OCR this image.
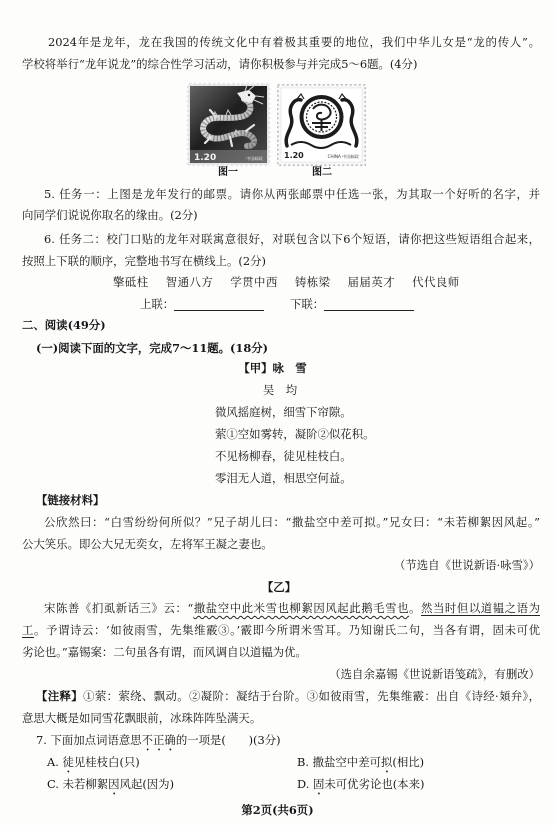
2024年是龙年，龙在我国的传统文化中有着极其重要的地位，我们中华儿女是“龙的传人”。
学校将举行“龙年说龙”的综合性学习活动，请你积极参与并完成5～6题。(4分)
1.20	中国邮政	1.20	CHINA 中国邮政
图一	图二
5. 任务一：上图是龙年发行的邮票。请你从两张邮票中任选一张，为其取一个好听的名字，并
向同学们说说你取名的缘由。(2分)
6. 任务二：校门口贴的龙年对联寓意很好，对联包含以下6个短语，请你把这些短语组合起来，
按照上下联的顺序，完整地书写在横线上。(2分)
擎砥柱 智通八方 学贯中西 铸栋梁 届届英才 代代良师
上联：	下联：
二、阅读(49分)
(一)阅读下面的文字，完成7～11题。(18分)
【甲】咏　雪
吴　均
微风摇庭树，细雪下帘隙。
萦①空如雾转，凝阶②似花积。
不见杨柳春，徒见桂枝白。
零泪无人道，相思空何益。
【链接材料】
公欣然曰：“白雪纷纷何所似？”兄子胡儿曰：“撒盐空中差可拟。”兄女曰：“未若柳絮因风起。”
公大笑乐。即公大兄无奕女，左将军王凝之妻也。
（节选自《世说新语·咏雪》）
【乙】
宋陈善《扪虱新话三》云：“撒盐空中此米雪也柳絮因风起此鹅毛雪也。然当时但以道韫之语为
工。予谓诗云：‘如彼雨雪，先集维霰③。’霰即今所谓米雪耳。乃知谢氏二句，当各有谓，固未可优
劣论也。”嘉锡案：二句虽各有谓，而风调自以道韫为优。
（选自余嘉锡《世说新语笺疏》，有删改）
【注释】①萦：萦绕、飘动。②凝阶：凝结于台阶。③如彼雨雪，先集维霰：出自《诗经·頍弁》，
意思大概是如同雪花飘眼前，冰珠阵阵坠满天。
7. 下面加点词语意思不正确的一项是(　　)(3分)
A. 徒见桂枝白(只)	B. 撒盐空中差可拟(相比)
C. 未若柳絮因风起(因为)	D. 固未可优劣论也(本来)
第2页(共6页)
